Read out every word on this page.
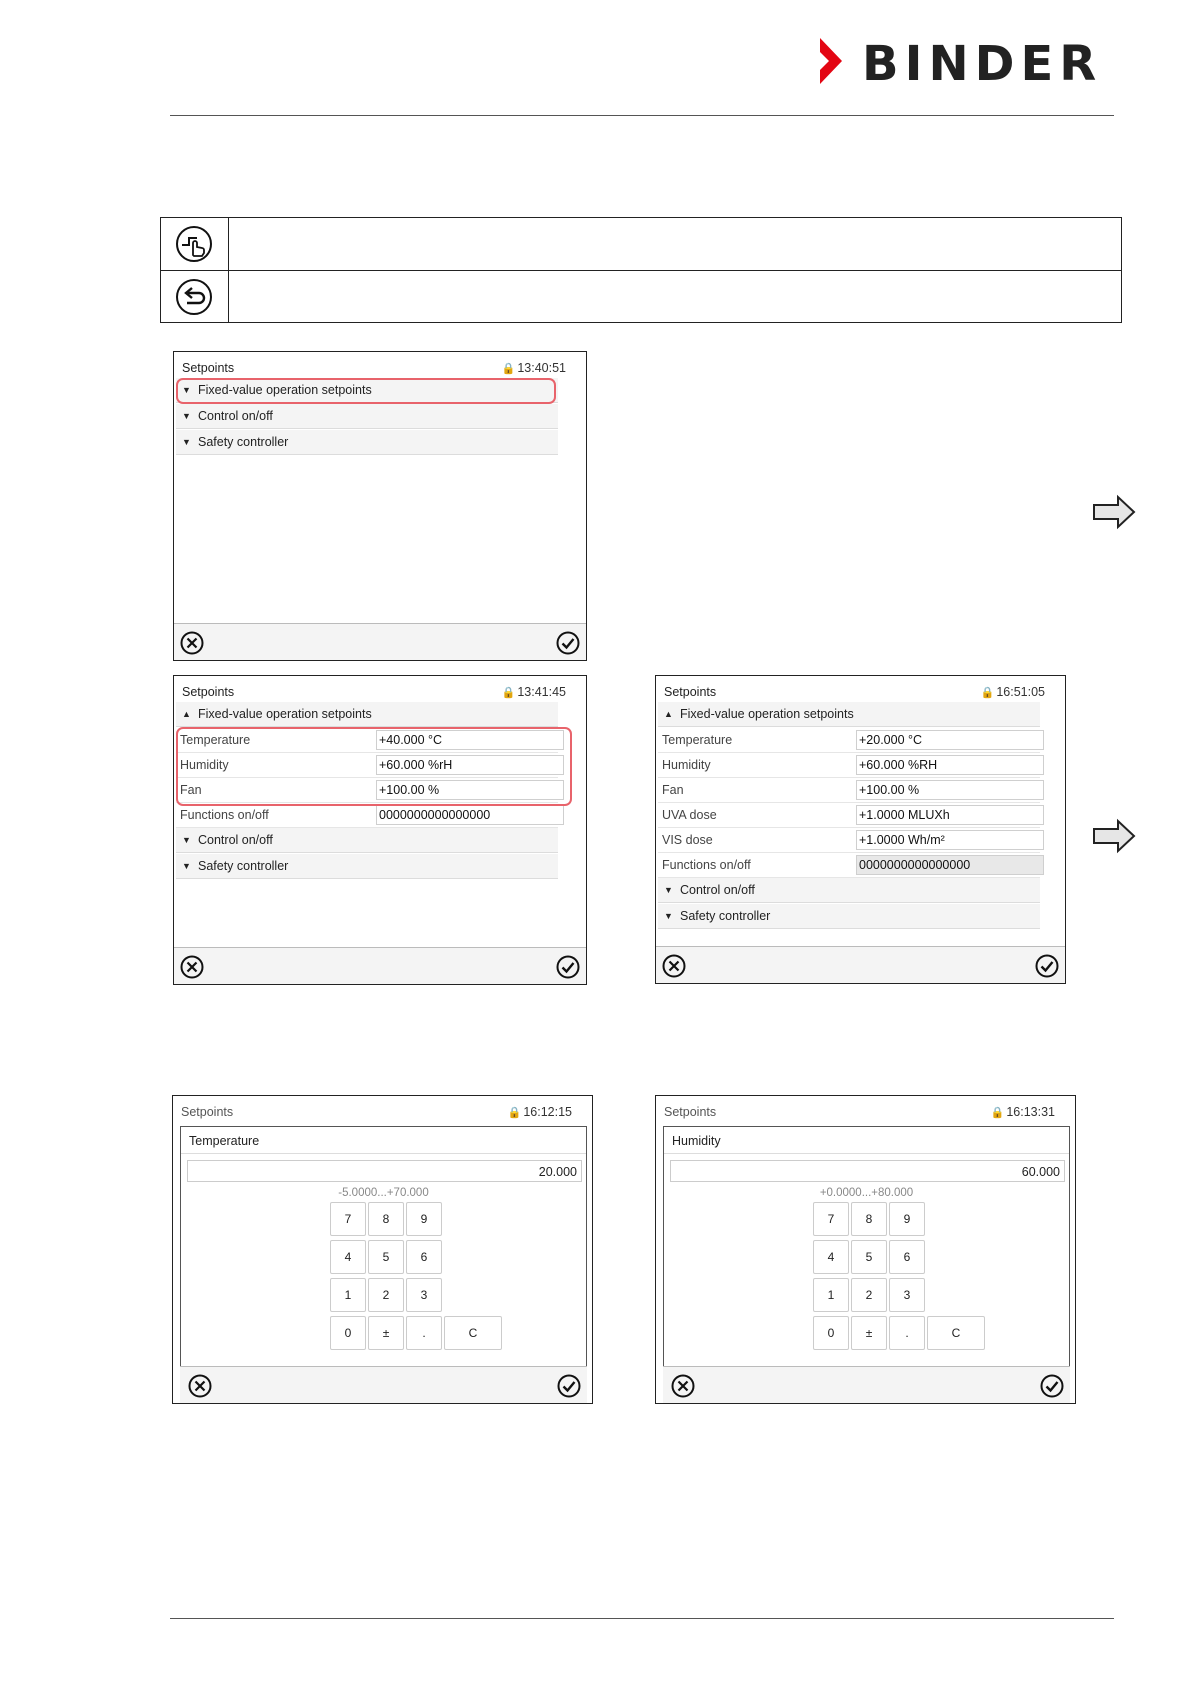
BINDER
Setpoints	🔒 13:40:51
▼ Fixed-value operation setpoints
▼ Control on/off
▼ Safety controller
Setpoints	🔒 13:41:45
▲ Fixed-value operation setpoints
Temperature	+40.000 °C
Humidity	+60.000 %rH
Fan	+100.00 %
Functions on/off	0000000000000000
▼ Control on/off
▼ Safety controller
Setpoints	🔒 16:51:05
▲ Fixed-value operation setpoints
Temperature	+20.000 °C
Humidity	+60.000 %RH
Fan	+100.00 %
UVA dose	+1.0000 MLUXh
VIS dose	+1.0000 Wh/m²
Functions on/off	0000000000000000
▼ Control on/off
▼ Safety controller
Setpoints	🔒 16:12:15
Temperature
20.000
-5.0000...+70.000
7	8	9
4	5	6
1	2	3
0	±	.	C
Setpoints	🔒 16:13:31
Humidity
60.000
+0.0000...+80.000
7	8	9
4	5	6
1	2	3
0	±	.	C
